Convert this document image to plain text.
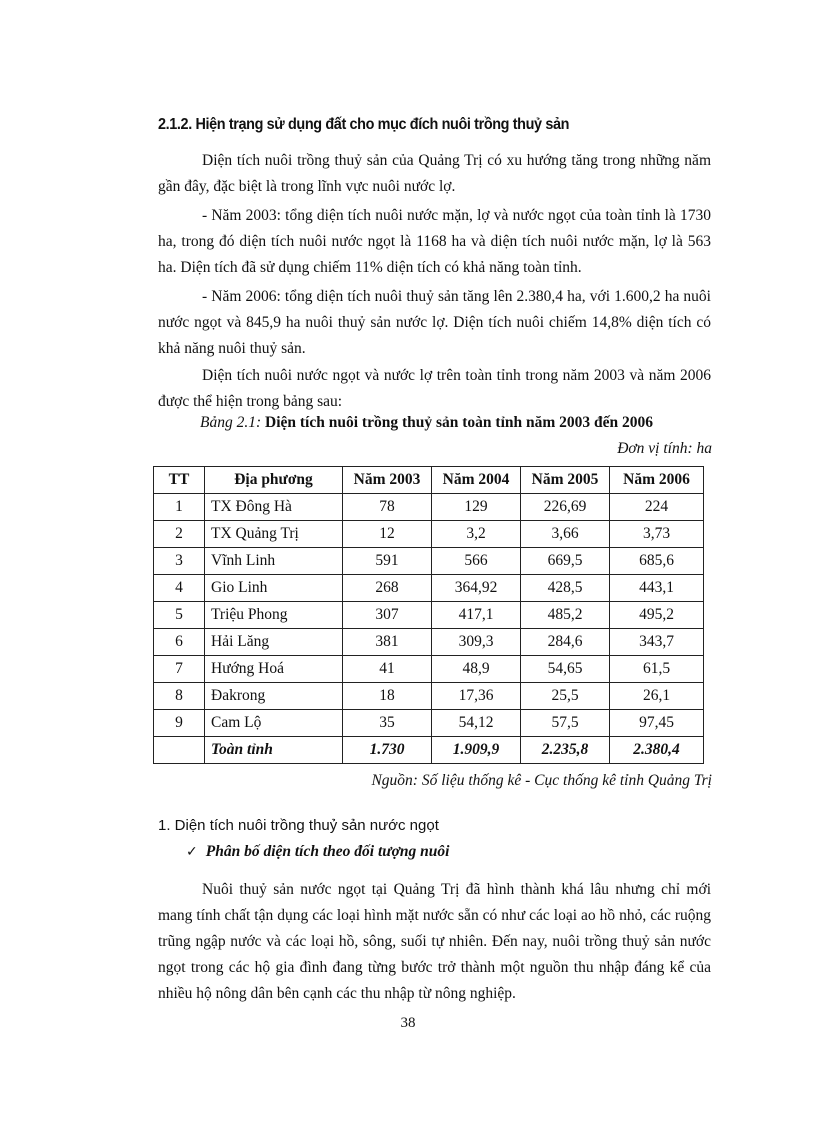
2.1.2. Hiện trạng sử dụng đất cho mục đích nuôi trồng thuỷ sản

Diện tích nuôi trồng thuỷ sản của Quảng Trị có xu hướng tăng trong những năm gần đây, đặc biệt là trong lĩnh vực nuôi nước lợ.

- Năm 2003: tổng diện tích nuôi nước mặn, lợ và nước ngọt của toàn tỉnh là 1730 ha, trong đó diện tích nuôi nước ngọt là 1168 ha và diện tích nuôi nước mặn, lợ là 563 ha. Diện tích đã sử dụng chiếm 11% diện tích có khả năng toàn tỉnh.

- Năm 2006: tổng diện tích nuôi thuỷ sản tăng lên 2.380,4 ha, với 1.600,2 ha nuôi nước ngọt và 845,9 ha nuôi thuỷ sản nước lợ. Diện tích nuôi chiếm 14,8% diện tích có khả năng nuôi thuỷ sản.

Diện tích nuôi nước ngọt và nước lợ trên toàn tỉnh trong năm 2003 và năm 2006 được thể hiện trong bảng sau:

Bảng 2.1: Diện tích nuôi trồng thuỷ sản toàn tỉnh năm 2003 đến 2006
Đơn vị tính: ha
TT	Địa phương	Năm 2003	Năm 2004	Năm 2005	Năm 2006
1	TX Đông Hà	78	129	226,69	224
2	TX Quảng Trị	12	3,2	3,66	3,73
3	Vĩnh Linh	591	566	669,5	685,6
4	Gio Linh	268	364,92	428,5	443,1
5	Triệu Phong	307	417,1	485,2	495,2
6	Hải Lăng	381	309,3	284,6	343,7
7	Hướng Hoá	41	48,9	54,65	61,5
8	Đakrong	18	17,36	25,5	26,1
9	Cam Lộ	35	54,12	57,5	97,45
	Toàn tỉnh	1.730	1.909,9	2.235,8	2.380,4
Nguồn: Số liệu thống kê - Cục thống kê tỉnh Quảng Trị
1. Diện tích nuôi trồng thuỷ sản nước ngọt
✓ Phân bố diện tích theo đối tượng nuôi

Nuôi thuỷ sản nước ngọt tại Quảng Trị đã hình thành khá lâu nhưng chỉ mới mang tính chất tận dụng các loại hình mặt nước sẵn có như các loại ao hồ nhỏ, các ruộng trũng ngập nước và các loại hồ, sông, suối tự nhiên. Đến nay, nuôi trồng thuỷ sản nước ngọt trong các hộ gia đình đang từng bước trở thành một nguồn thu nhập đáng kể của nhiều hộ nông dân bên cạnh các thu nhập từ nông nghiệp.

38
